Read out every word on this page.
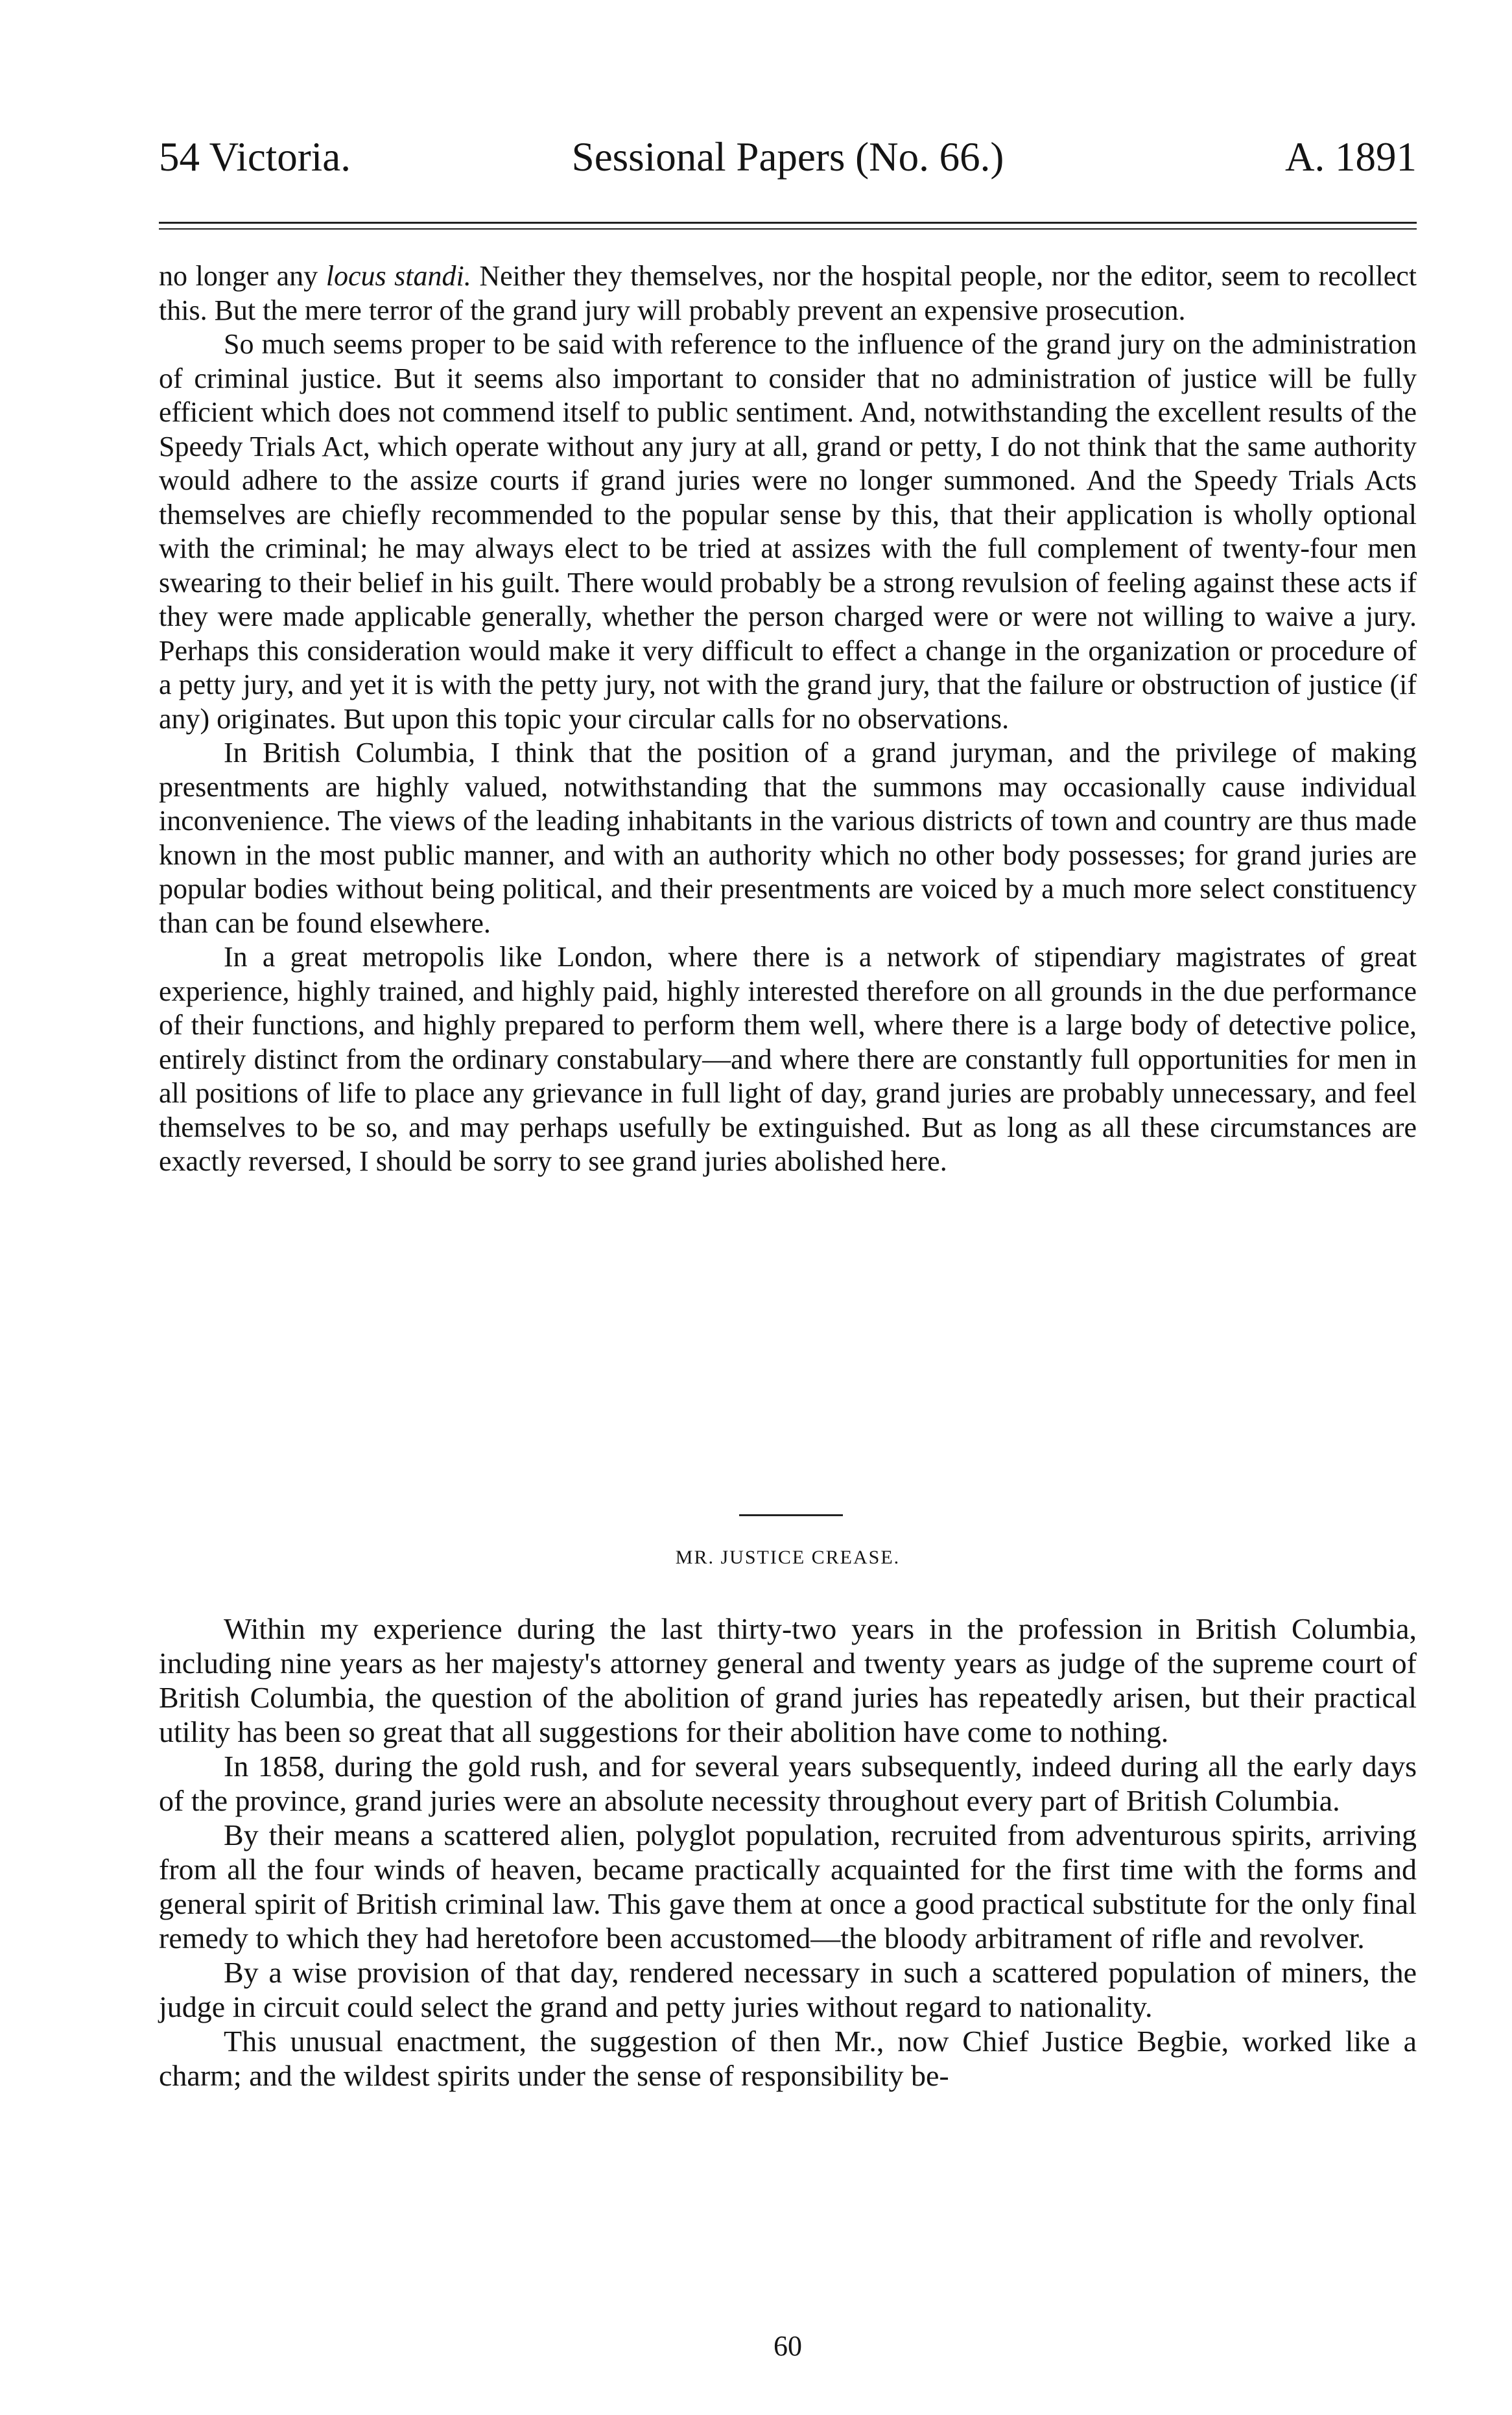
54 Victoria.	Sessional Papers (No. 66.)	A. 1891

no longer any locus standi. Neither they themselves, nor the hospital people, nor the editor, seem to recollect this. But the mere terror of the grand jury will probably prevent an expensive prosecution.

So much seems proper to be said with reference to the influence of the grand jury on the administration of criminal justice. But it seems also important to consider that no administration of justice will be fully efficient which does not commend itself to public sentiment. And, notwithstanding the excellent results of the Speedy Trials Act, which operate without any jury at all, grand or petty, I do not think that the same authority would adhere to the assize courts if grand juries were no longer summoned. And the Speedy Trials Acts themselves are chiefly recommended to the popular sense by this, that their application is wholly optional with the criminal; he may always elect to be tried at assizes with the full complement of twenty-four men swearing to their belief in his guilt. There would probably be a strong revulsion of feeling against these acts if they were made applicable generally, whether the person charged were or were not willing to waive a jury. Perhaps this consideration would make it very difficult to effect a change in the organization or procedure of a petty jury, and yet it is with the petty jury, not with the grand jury, that the failure or obstruction of justice (if any) originates. But upon this topic your circular calls for no observations.

In British Columbia, I think that the position of a grand juryman, and the privilege of making presentments are highly valued, notwithstanding that the summons may occasionally cause individual inconvenience. The views of the leading inhabitants in the various districts of town and country are thus made known in the most public manner, and with an authority which no other body possesses; for grand juries are popular bodies without being political, and their presentments are voiced by a much more select constituency than can be found elsewhere.

In a great metropolis like London, where there is a network of stipendiary magistrates of great experience, highly trained, and highly paid, highly interested therefore on all grounds in the due performance of their functions, and highly prepared to perform them well, where there is a large body of detective police, entirely distinct from the ordinary constabulary—and where there are constantly full opportunities for men in all positions of life to place any grievance in full light of day, grand juries are probably unnecessary, and feel themselves to be so, and may perhaps usefully be extinguished. But as long as all these circumstances are exactly reversed, I should be sorry to see grand juries abolished here.

MR. JUSTICE CREASE.

Within my experience during the last thirty-two years in the profession in British Columbia, including nine years as her majesty's attorney general and twenty years as judge of the supreme court of British Columbia, the question of the abolition of grand juries has repeatedly arisen, but their practical utility has been so great that all suggestions for their abolition have come to nothing.

In 1858, during the gold rush, and for several years subsequently, indeed during all the early days of the province, grand juries were an absolute necessity throughout every part of British Columbia.

By their means a scattered alien, polyglot population, recruited from adventurous spirits, arriving from all the four winds of heaven, became practically acquainted for the first time with the forms and general spirit of British criminal law. This gave them at once a good practical substitute for the only final remedy to which they had heretofore been accustomed—the bloody arbitrament of rifle and revolver.

By a wise provision of that day, rendered necessary in such a scattered population of miners, the judge in circuit could select the grand and petty juries without regard to nationality.

This unusual enactment, the suggestion of then Mr., now Chief Justice Begbie, worked like a charm; and the wildest spirits under the sense of responsibility be-

60
